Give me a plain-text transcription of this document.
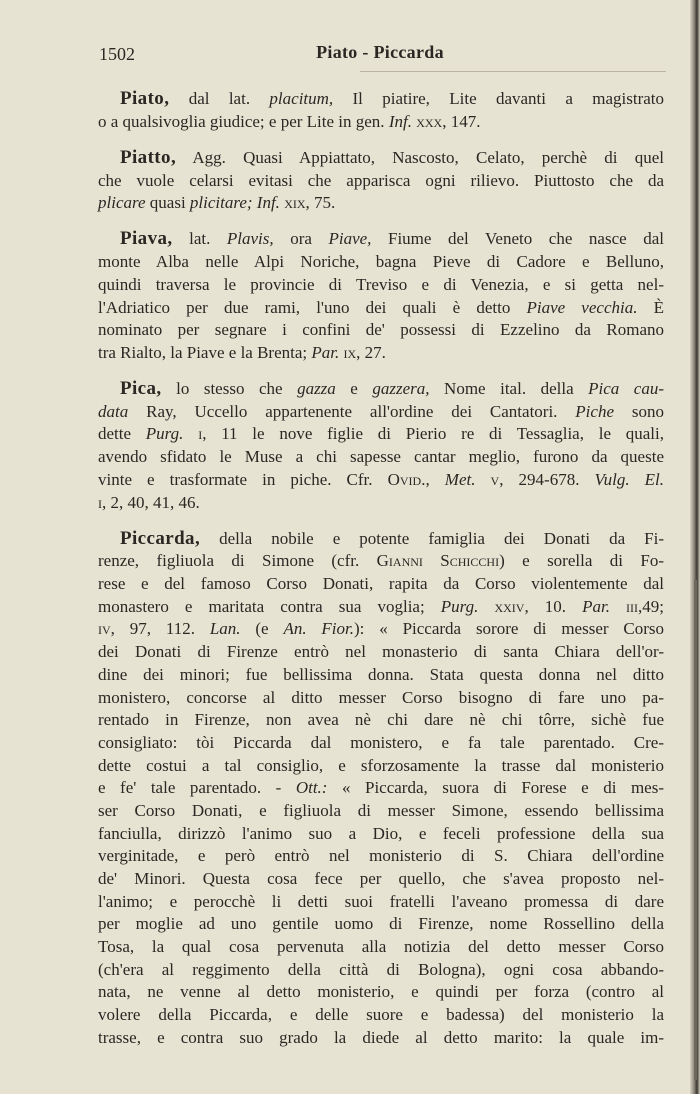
1502	Piato - Piccarda
Piato, dal lat. placitum, Il piatire, Lite davanti a magistrato
o a qualsivoglia giudice; e per Lite in gen. Inf. xxx, 147.
Piatto, Agg. Quasi Appiattato, Nascosto, Celato, perchè di quel
che vuole celarsi evitasi che apparisca ogni rilievo. Piuttosto che da
plicare quasi plicitare; Inf. xix, 75.
Piava, lat. Plavis, ora Piave, Fiume del Veneto che nasce dal
monte Alba nelle Alpi Noriche, bagna Pieve di Cadore e Belluno,
quindi traversa le provincie di Treviso e di Venezia, e si getta nel-
l'Adriatico per due rami, l'uno dei quali è detto Piave vecchia. È
nominato per segnare i confini de' possessi di Ezzelino da Romano
tra Rialto, la Piave e la Brenta; Par. ix, 27.
Pica, lo stesso che gazza e gazzera, Nome ital. della Pica cau-
data Ray, Uccello appartenente all'ordine dei Cantatori. Piche sono
dette Purg. i, 11 le nove figlie di Pierio re di Tessaglia, le quali,
avendo sfidato le Muse a chi sapesse cantar meglio, furono da queste
vinte e trasformate in piche. Cfr. Ovid., Met. v, 294-678. Vulg. El.
i, 2, 40, 41, 46.
Piccarda, della nobile e potente famiglia dei Donati da Fi-
renze, figliuola di Simone (cfr. Gianni Schicchi) e sorella di Fo-
rese e del famoso Corso Donati, rapita da Corso violentemente dal
monastero e maritata contra sua voglia; Purg. xxiv, 10. Par. iii,49;
iv, 97, 112. Lan. (e An. Fior.): « Piccarda sorore di messer Corso
dei Donati di Firenze entrò nel monasterio di santa Chiara dell'or-
dine dei minori; fue bellissima donna. Stata questa donna nel ditto
monistero, concorse al ditto messer Corso bisogno di fare uno pa-
rentado in Firenze, non avea nè chi dare nè chi tôrre, sichè fue
consigliato: tòi Piccarda dal monistero, e fa tale parentado. Cre-
dette costui a tal consiglio, e sforzosamente la trasse dal monisterio
e fe' tale parentado. - Ott.: « Piccarda, suora di Forese e di mes-
ser Corso Donati, e figliuola di messer Simone, essendo bellissima
fanciulla, dirizzò l'animo suo a Dio, e feceli professione della sua
verginitade, e però entrò nel monisterio di S. Chiara dell'ordine
de' Minori. Questa cosa fece per quello, che s'avea proposto nel-
l'animo; e perocchè li detti suoi fratelli l'aveano promessa di dare
per moglie ad uno gentile uomo di Firenze, nome Rossellino della
Tosa, la qual cosa pervenuta alla notizia del detto messer Corso
(ch'era al reggimento della città di Bologna), ogni cosa abbando-
nata, ne venne al detto monisterio, e quindi per forza (contro al
volere della Piccarda, e delle suore e badessa) del monisterio la
trasse, e contra suo grado la diede al detto marito: la quale im-
